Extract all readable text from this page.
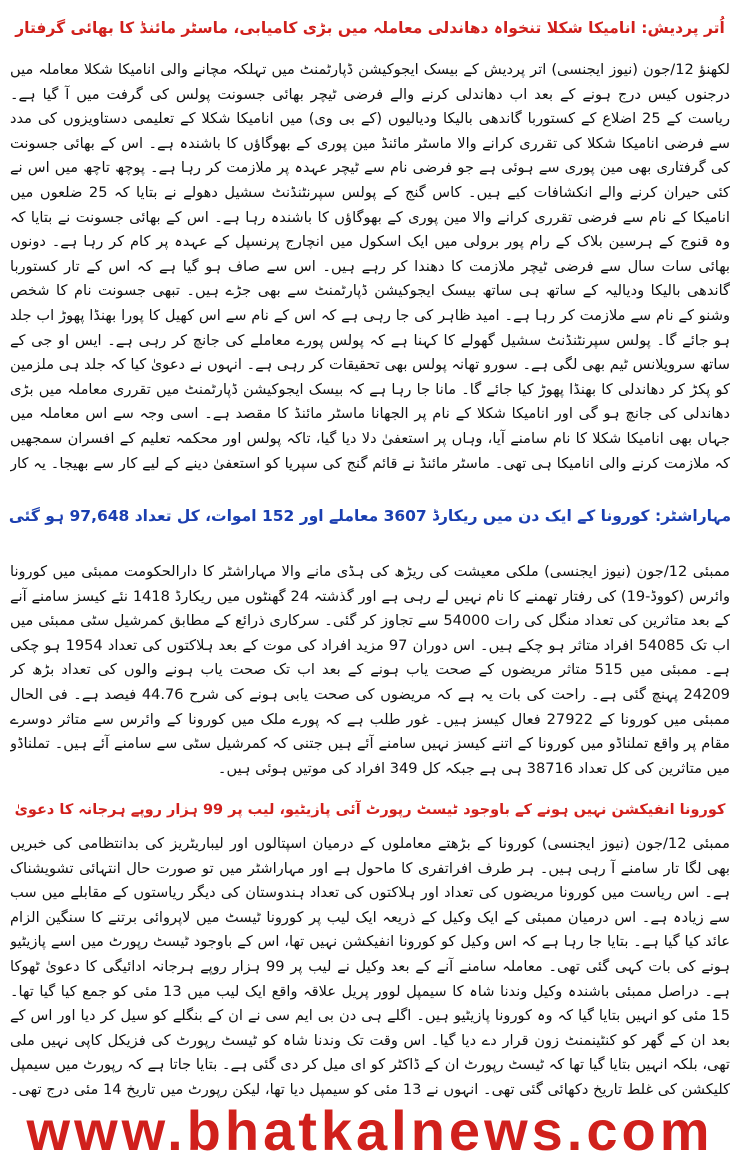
اُتر پردیش: انامیکا شکلا تنخواہ دھاندلی معاملہ میں بڑی کامیابی، ماسٹر مائنڈ کا بھائی گرفتار

لکھنؤ 12/جون (نیوز ایجنسی) اتر پردیش کے بیسک ایجوکیشن ڈپارٹمنٹ میں تہلکہ مچانے والی انامیکا شکلا معاملہ میں درجنوں کیس درج ہونے کے بعد اب دھاندلی کرنے والے فرضی ٹیچر بھائی جسونت پولس کی گرفت میں آ گیا ہے۔ ریاست کے 25 اضلاع کے کستوربا گاندھی بالیکا ودیالیوں (کے بی وی) میں انامیکا شکلا کے تعلیمی دستاویزوں کی مدد سے فرضی انامیکا شکلا کی تقرری کرانے والا ماسٹر مائنڈ مین پوری کے بھوگاؤں کا باشندہ ہے۔ اس کے بھائی جسونت کی گرفتاری بھی مین پوری سے ہوئی ہے جو فرضی نام سے ٹیچر عہدہ پر ملازمت کر رہا ہے۔ پوچھ تاچھ میں اس نے کئی حیران کرنے والے انکشافات کیے ہیں۔ کاس گنج کے پولس سپرنٹنڈنٹ سشیل دھولے نے بتایا کہ 25 ضلعوں میں انامیکا کے نام سے فرضی تقرری کرانے والا مین پوری کے بھوگاؤں کا باشندہ رہا ہے۔ اس کے بھائی جسونت نے بتایا کہ وہ قنوج کے ہرسین بلاک کے رام پور برولی میں ایک اسکول میں انچارج پرنسپل کے عہدہ پر کام کر رہا ہے۔ دونوں بھائی سات سال سے فرضی ٹیچر ملازمت کا دھندا کر رہے ہیں۔ اس سے صاف ہو گیا ہے کہ اس کے تار کستوربا گاندھی بالیکا ودیالیہ کے ساتھ ہی ساتھ بیسک ایجوکیشن ڈپارٹمنٹ سے بھی جڑے ہیں۔ تبھی جسونت نام کا شخص وشنو کے نام سے ملازمت کر رہا ہے۔ امید ظاہر کی جا رہی ہے کہ اس کے نام سے اس کھیل کا پورا بھنڈا پھوڑ اب جلد ہو جائے گا۔ پولس سپرنٹنڈنٹ سشیل گھولے کا کہنا ہے کہ پولس پورے معاملے کی جانچ کر رہی ہے۔ ایس او جی کے ساتھ سرویلانس ٹیم بھی لگی ہے۔ سورو تھانہ پولس بھی تحقیقات کر رہی ہے۔ انہوں نے دعویٰ کیا کہ جلد ہی ملزمین کو پکڑ کر دھاندلی کا بھنڈا پھوڑ کیا جائے گا۔ مانا جا رہا ہے کہ بیسک ایجوکیشن ڈپارٹمنٹ میں تقرری معاملہ میں بڑی دھاندلی کی جانچ ہو گی اور انامیکا شکلا کے نام پر الجھانا ماسٹر مائنڈ کا مقصد ہے۔ اسی وجہ سے اس معاملہ میں جہاں بھی انامیکا شکلا کا نام سامنے آیا، وہاں پر استعفیٰ دلا دیا گیا، تاکہ پولس اور محکمہ تعلیم کے افسران سمجھیں کہ ملازمت کرنے والی انامیکا ہی تھی۔ ماسٹر مائنڈ نے قائم گنج کی سپریا کو استعفیٰ دینے کے لیے کار سے بھیجا۔ یہ کار

مہاراشٹر: کورونا کے ایک دن میں ریکارڈ 3607 معاملے اور 152 اموات، کل تعداد 97,648 ہو گئی

ممبئی 12/جون (نیوز ایجنسی) ملکی معیشت کی ریڑھ کی ہڈی مانے والا مہاراشٹر کا دارالحکومت ممبئی میں کورونا وائرس (کووڈ-19) کی رفتار تھمنے کا نام نہیں لے رہی ہے اور گذشتہ 24 گھنٹوں میں ریکارڈ 1418 نئے کیسز سامنے آنے کے بعد متاثرین کی تعداد منگل کی رات 54000 سے تجاوز کر گئی۔ سرکاری ذرائع کے مطابق کمرشیل سٹی ممبئی میں اب تک 54085 افراد متاثر ہو چکے ہیں۔ اس دوران 97 مزید افراد کی موت کے بعد ہلاکتوں کی تعداد 1954 ہو چکی ہے۔ ممبئی میں 515 متاثر مریضوں کے صحت یاب ہونے کے بعد اب تک صحت یاب ہونے والوں کی تعداد بڑھ کر 24209 پہنچ گئی ہے۔ راحت کی بات یہ ہے کہ مریضوں کی صحت یابی ہونے کی شرح 44.76 فیصد ہے۔ فی الحال ممبئی میں کورونا کے 27922 فعال کیسز ہیں۔ غور طلب ہے کہ پورے ملک میں کورونا کے وائرس سے متاثر دوسرے مقام پر واقع تملناڈو میں کورونا کے اتنے کیسز نہیں سامنے آئے ہیں جتنی کہ کمرشیل سٹی سے سامنے آئے ہیں۔ تملناڈو میں متاثرین کی کل تعداد 38716 ہی ہے جبکہ کل 349 افراد کی موتیں ہوئی ہیں۔

کورونا انفیکشن نہیں ہونے کے باوجود ٹیسٹ رپورٹ آئی پازیٹیو، لیب پر 99 ہزار روپے ہرجانہ کا دعویٰ

ممبئی 12/جون (نیوز ایجنسی) کورونا کے بڑھتے معاملوں کے درمیان اسپتالوں اور لیباریٹریز کی بدانتظامی کی خبریں بھی لگا تار سامنے آ رہی ہیں۔ ہر طرف افراتفری کا ماحول ہے اور مہاراشٹر میں تو صورت حال انتہائی تشویشناک ہے۔ اس ریاست میں کورونا مریضوں کی تعداد اور ہلاکتوں کی تعداد ہندوستان کی دیگر ریاستوں کے مقابلے میں سب سے زیادہ ہے۔ اس درمیان ممبئی کے ایک وکیل کے ذریعہ ایک لیب پر کورونا ٹیسٹ میں لاپروائی برتنے کا سنگین الزام عائد کیا گیا ہے۔ بتایا جا رہا ہے کہ اس وکیل کو کورونا انفیکشن نہیں تھا، اس کے باوجود ٹیسٹ رپورٹ میں اسے پازیٹیو ہونے کی بات کہی گئی تھی۔ معاملہ سامنے آنے کے بعد وکیل نے لیب پر 99 ہزار روپے ہرجانہ ادائیگی کا دعویٰ ٹھوکا ہے۔ دراصل ممبئی باشندہ وکیل وندنا شاہ کا سیمپل لوور پریل علاقہ واقع ایک لیب میں 13 مئی کو جمع کیا گیا تھا۔ 15 مئی کو انہیں بتایا گیا کہ وہ کورونا پازیٹیو ہیں۔ اگلے ہی دن بی ایم سی نے ان کے بنگلے کو سیل کر دیا اور اس کے بعد ان کے گھر کو کنٹینمنٹ زون قرار دے دیا گیا۔ اس وقت تک وندنا شاہ کو ٹیسٹ رپورٹ کی فزیکل کاپی نہیں ملی تھی، بلکہ انہیں بتایا گیا تھا کہ ٹیسٹ رپورٹ ان کے ڈاکٹر کو ای میل کر دی گئی ہے۔ بتایا جاتا ہے کہ رپورٹ میں سیمپل کلیکشن کی غلط تاریخ دکھائی گئی تھی۔ انہوں نے 13 مئی کو سیمپل دیا تھا، لیکن رپورٹ میں تاریخ 14 مئی درج تھی۔

www.bhatkalnews.com
